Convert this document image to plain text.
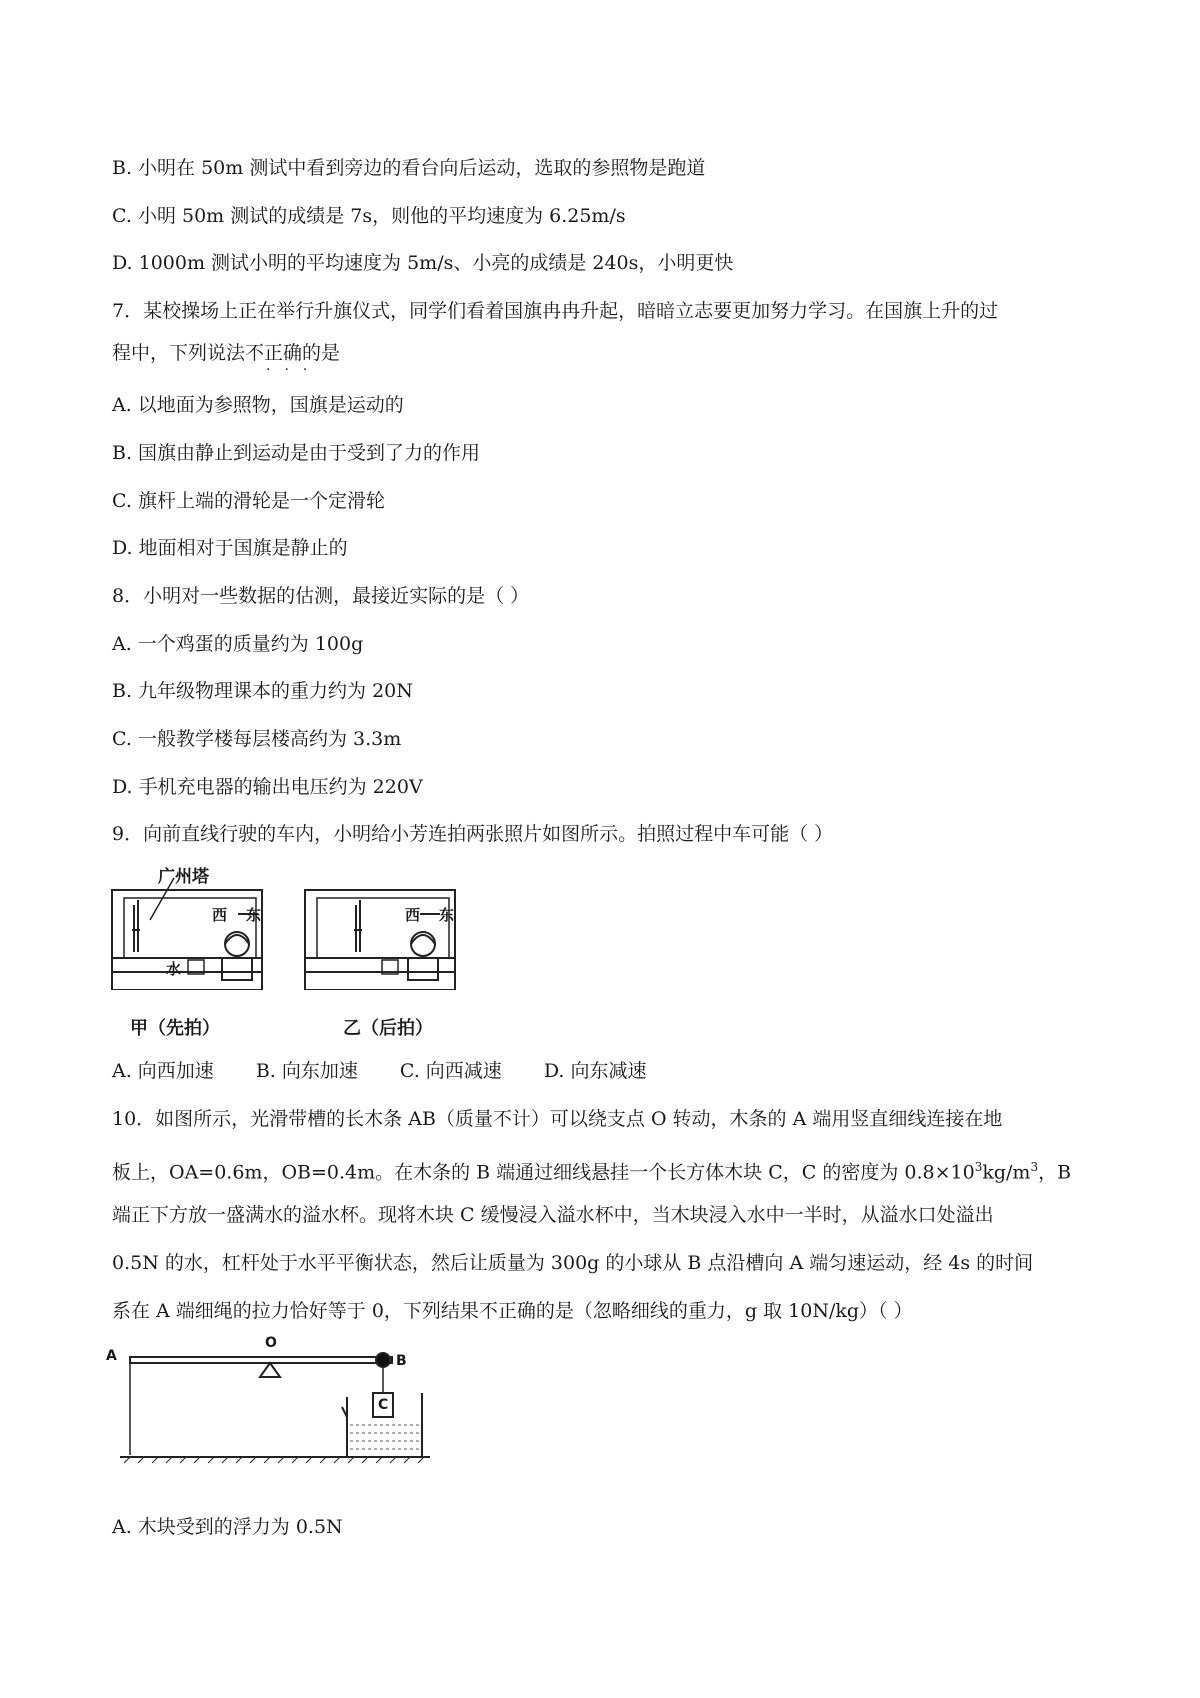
B. 小明在 50m 测试中看到旁边的看台向后运动，选取的参照物是跑道
C. 小明 50m 测试的成绩是 7s，则他的平均速度为 6.25m/s
D. 1000m 测试小明的平均速度为 5m/s、小亮的成绩是 240s，小明更快
7．某校操场上正在举行升旗仪式，同学们看着国旗冉冉升起，暗暗立志要更加努力学习。在国旗上升的过
程中，下列说法不正确的是
···
A. 以地面为参照物，国旗是运动的
B. 国旗由静止到运动是由于受到了力的作用
C. 旗杆上端的滑轮是一个定滑轮
D. 地面相对于国旗是静止的
8．小明对一些数据的估测，最接近实际的是（ ）
A. 一个鸡蛋的质量约为 100g
B. 九年级物理课本的重力约为 20N
C. 一般教学楼每层楼高约为 3.3m
D. 手机充电器的输出电压约为 220V
9．向前直线行驶的车内，小明给小芳连拍两张照片如图所示。拍照过程中车可能（ ）
广州塔
西 东	西 东
水
甲（先拍）	乙（后拍）
A. 向西加速 B. 向东加速 C. 向西减速 D. 向东减速
10．如图所示，光滑带槽的长木条 AB（质量不计）可以绕支点 O 转动，木条的 A 端用竖直细线连接在地
板上，OA=0.6m，OB=0.4m。在木条的 B 端通过细线悬挂一个长方体木块 C，C 的密度为 $0.8\times 10^3kg/m^3$，B
端正下方放一盛满水的溢水杯。现将木块 C 缓慢浸入溢水杯中，当木块浸入水中一半时，从溢水口处溢出
0.5N 的水，杠杆处于水平平衡状态，然后让质量为 300g 的小球从 B 点沿槽向 A 端匀速运动，经 4s 的时间
系在 A 端细绳的拉力恰好等于 0，下列结果不正确的是（忽略细线的重力，g 取 10N/kg）（ ）
A
O
B
C
A. 木块受到的浮力为 0.5N
